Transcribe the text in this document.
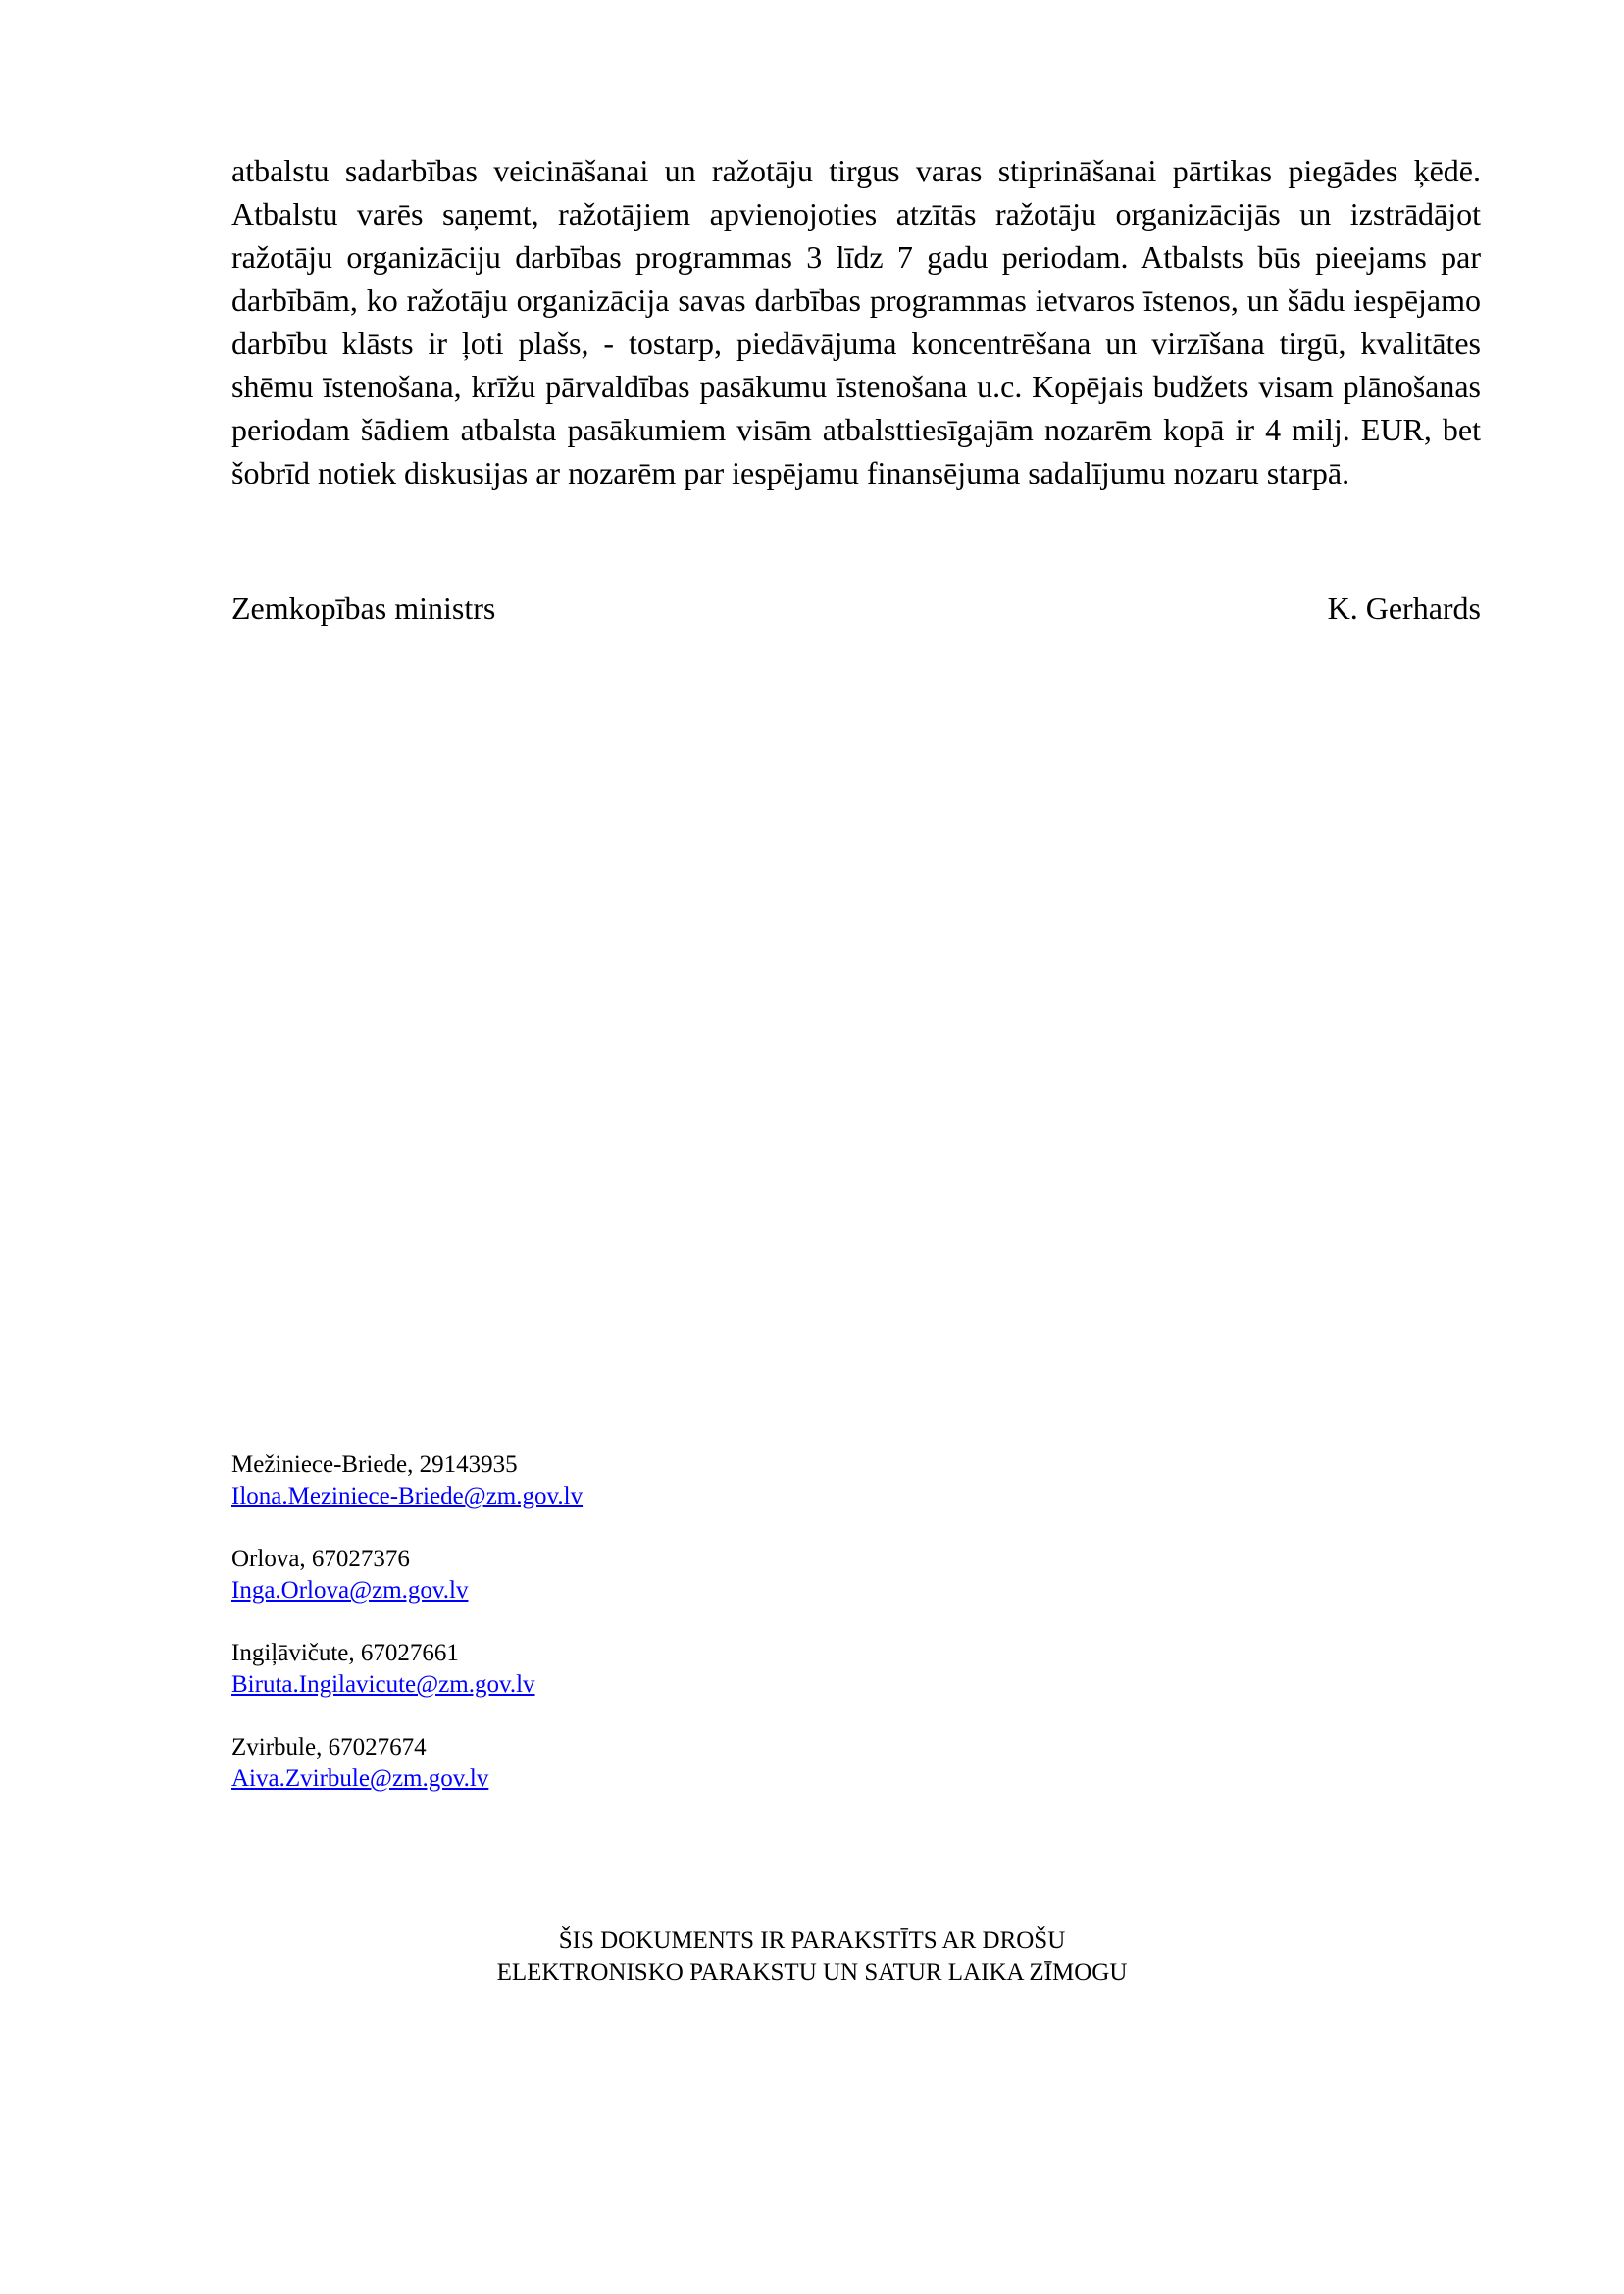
atbalstu sadarbības veicināšanai un ražotāju tirgus varas stiprināšanai pārtikas piegādes ķēdē.
Atbalstu varēs saņemt, ražotājiem apvienojoties atzītās ražotāju organizācijās un izstrādājot
ražotāju organizāciju darbības programmas 3 līdz 7 gadu periodam. Atbalsts būs pieejams par
darbībām, ko ražotāju organizācija savas darbības programmas ietvaros īstenos, un šādu iespējamo
darbību klāsts ir ļoti plašs, - tostarp, piedāvājuma koncentrēšana un virzīšana tirgū, kvalitātes
shēmu īstenošana, krīžu pārvaldības pasākumu īstenošana u.c. Kopējais budžets visam plānošanas
periodam šādiem atbalsta pasākumiem visām atbalsttiesīgajām nozarēm kopā ir 4 milj. EUR, bet
šobrīd notiek diskusijas ar nozarēm par iespējamu finansējuma sadalījumu nozaru starpā.
Zemkopības ministrs	K. Gerhards
Mežiniece-Briede, 29143935
Ilona.Meziniece-Briede@zm.gov.lv
Orlova, 67027376
Inga.Orlova@zm.gov.lv
Ingiļāvičute, 67027661
Biruta.Ingilavicute@zm.gov.lv
Zvirbule, 67027674
Aiva.Zvirbule@zm.gov.lv
ŠIS DOKUMENTS IR PARAKSTĪTS AR DROŠU
ELEKTRONISKO PARAKSTU UN SATUR LAIKA ZĪMOGU
